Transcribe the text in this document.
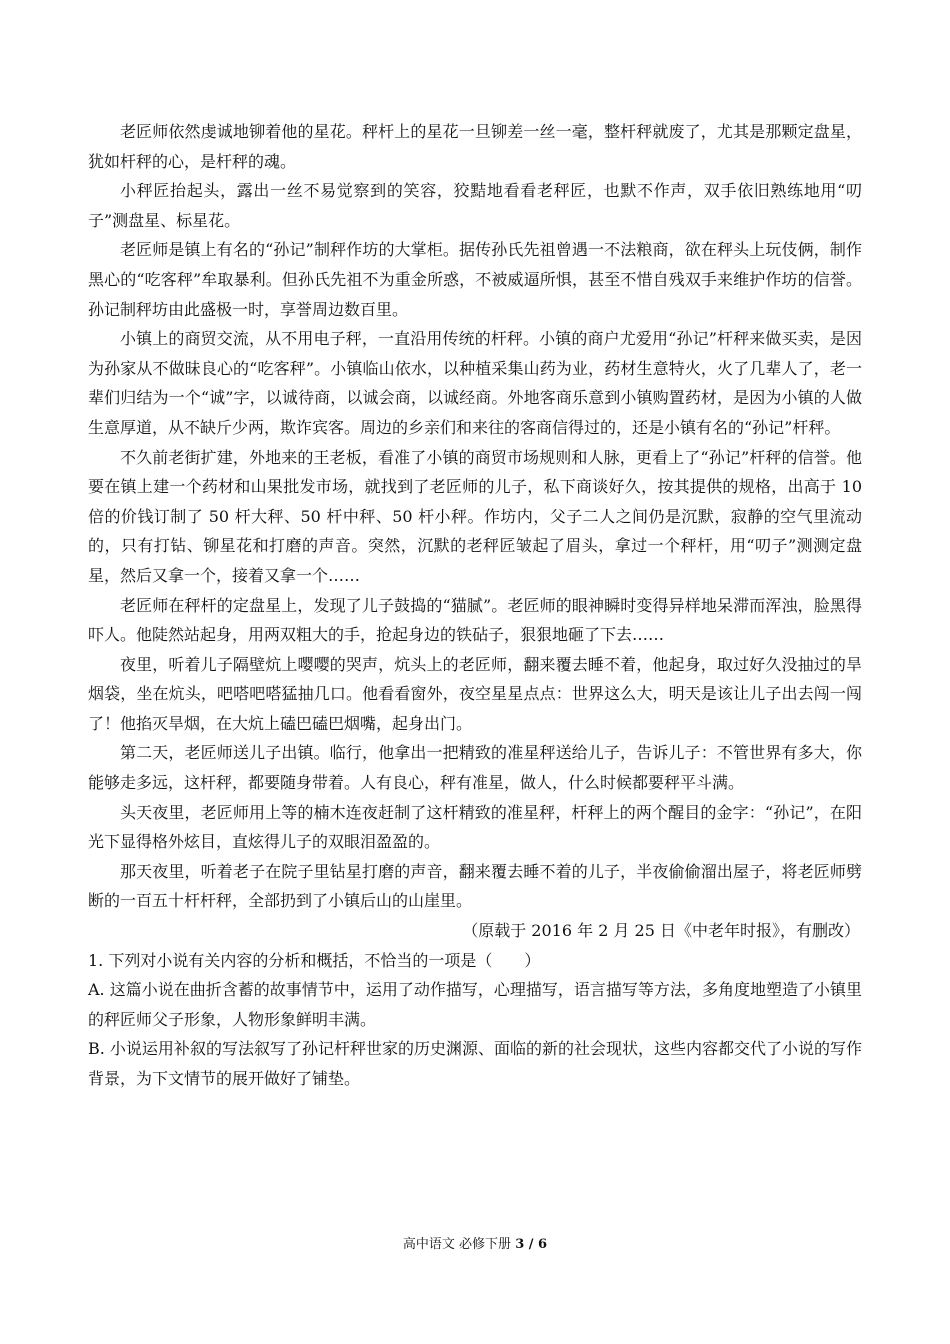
老匠师依然虔诚地铆着他的星花。秤杆上的星花一旦铆差一丝一毫，整杆秤就废了，尤其是那颗定盘星，犹如杆秤的心，是杆秤的魂。

小秤匠抬起头，露出一丝不易觉察到的笑容，狡黠地看看老秤匠，也默不作声，双手依旧熟练地用“叨子”测盘星、标星花。

老匠师是镇上有名的“孙记”制秤作坊的大掌柜。据传孙氏先祖曾遇一不法粮商，欲在秤头上玩伎俩，制作黑心的“吃客秤”牟取暴利。但孙氏先祖不为重金所惑，不被威逼所惧，甚至不惜自残双手来维护作坊的信誉。孙记制秤坊由此盛极一时，享誉周边数百里。

小镇上的商贸交流，从不用电子秤，一直沿用传统的杆秤。小镇的商户尤爱用“孙记”杆秤来做买卖，是因为孙家从不做昧良心的“吃客秤”。小镇临山依水，以种植采集山药为业，药材生意特火，火了几辈人了，老一辈们归结为一个“诚”字，以诚待商，以诚会商，以诚经商。外地客商乐意到小镇购置药材，是因为小镇的人做生意厚道，从不缺斤少两，欺诈宾客。周边的乡亲们和来往的客商信得过的，还是小镇有名的“孙记”杆秤。

不久前老街扩建，外地来的王老板，看准了小镇的商贸市场规则和人脉，更看上了“孙记”杆秤的信誉。他要在镇上建一个药材和山果批发市场，就找到了老匠师的儿子，私下商谈好久，按其提供的规格，出高于 10 倍的价钱订制了 50 杆大秤、50 杆中秤、50 杆小秤。作坊内，父子二人之间仍是沉默，寂静的空气里流动的，只有打钻、铆星花和打磨的声音。突然，沉默的老秤匠皱起了眉头，拿过一个秤杆，用“叨子”测测定盘星，然后又拿一个，接着又拿一个……

老匠师在秤杆的定盘星上，发现了儿子鼓捣的“猫腻”。老匠师的眼神瞬时变得异样地呆滞而浑浊，脸黑得吓人。他陡然站起身，用两双粗大的手，抢起身边的铁砧子，狠狠地砸了下去……

夜里，听着儿子隔壁炕上嘤嘤的哭声，炕头上的老匠师，翻来覆去睡不着，他起身，取过好久没抽过的旱烟袋，坐在炕头，吧嗒吧嗒猛抽几口。他看看窗外，夜空星星点点：世界这么大，明天是该让儿子出去闯一闯了！他掐灭旱烟，在大炕上磕巴磕巴烟嘴，起身出门。

第二天，老匠师送儿子出镇。临行，他拿出一把精致的准星秤送给儿子，告诉儿子：不管世界有多大，你能够走多远，这杆秤，都要随身带着。人有良心，秤有准星，做人，什么时候都要秤平斗满。

头天夜里，老匠师用上等的楠木连夜赶制了这杆精致的准星秤，杆秤上的两个醒目的金字：“孙记”，在阳光下显得格外炫目，直炫得儿子的双眼泪盈盈的。

那天夜里，听着老子在院子里钻星打磨的声音，翻来覆去睡不着的儿子，半夜偷偷溜出屋子，将老匠师劈断的一百五十杆杆秤，全部扔到了小镇后山的山崖里。

（原载于 2016 年 2 月 25 日《中老年时报》，有删改）

1. 下列对小说有关内容的分析和概括，不恰当的一项是（　　）

A. 这篇小说在曲折含蓄的故事情节中，运用了动作描写，心理描写，语言描写等方法，多角度地塑造了小镇里的秤匠师父子形象，人物形象鲜明丰满。

B. 小说运用补叙的写法叙写了孙记杆秤世家的历史渊源、面临的新的社会现状，这些内容都交代了小说的写作背景，为下文情节的展开做好了铺垫。

高中语文 必修下册 3 / 6
